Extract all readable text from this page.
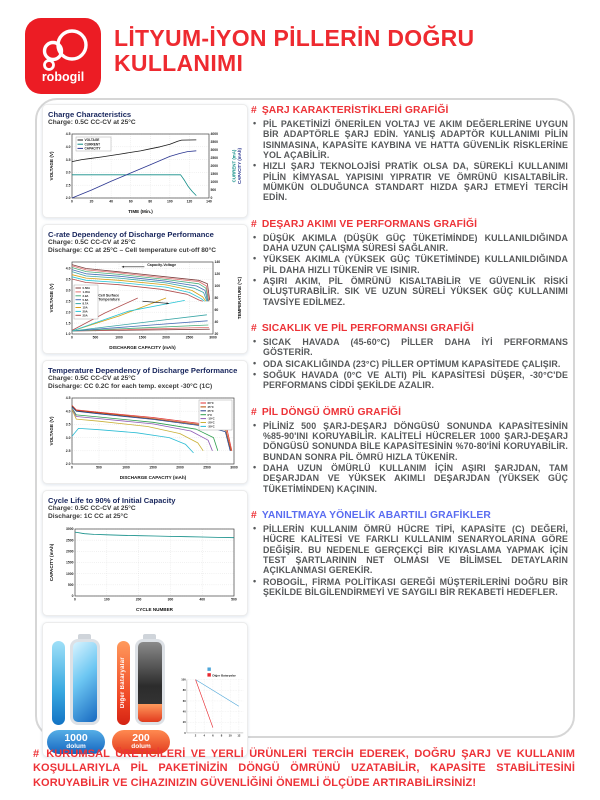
robogil
LİTYUM-İYON PİLLERİN DOĞRU
KULLANIMI
Charge Characteristics
Charge: 0.5C CC-CV at 25°C
0	20	40	60	80	100	120	140
2.0
2.5
3.0
3.5
4.0
4.5
0
500
1000
1500
2000
2500
3000
3500
4000
TIME (Min.)
VOLTAGE (V)	CAPACITY (mAh)
CURRENT (mA)
VOLTAGE
CURRENT
CAPACITY
C-rate Dependency of Discharge Performance
Charge: 0.5C CC-CV at 25°C
Discharge: CC at 25°C – Cell temperature cut-off 80°C
0	500	1000	1500	2000	2500	3000
1.0
1.5
2.0
2.5
3.0
3.5
4.0
20
40
60
80
100
120
140
DISCHARGE CAPACITY (mAh)
VOLTAGE (V)	TEMPERATURE (°C)
0.58A
1.45A
2.9A
5.8A
8.7A
15A
20A
25A
Capacity-Voltage
Cell Surface
Temperature
Temperature Dependency of Discharge Performance
Charge: 0.5C CC-CV at 25°C
Discharge: CC 0.2C for each temp. except -30°C (1C)
0	500	1000	1500	2000	2500	3000
2.0
2.5
3.0
3.5
4.0
4.5
DISCHARGE CAPACITY (mAh)
VOLTAGE (V)
60°C
45°C
25°C
0°C
-10°C
-20°C
-30°C
Cycle Life to 90% of Initial Capacity
Charge: 0.5C CC-CV at 25°C
Discharge: 1C CC at 25°C
0	100	200	300	400	500
0
500
1000
1500
2000
2500
3000
CYCLE NUMBER
CAPACITY (mAh)
1000
dolum
Diğer Bataryalar
200
dolum
2 4 6 8 10 12
0
20
40
60
80
100
Diğer Bataryalar
# ŞARJ KARAKTERİSTİKLERİ GRAFİĞİ
• PİL PAKETİNİZİ ÖNERİLEN VOLTAJ VE AKIM DEĞERLERİNE UYGUN BİR ADAPTÖRLE ŞARJ EDİN. YANLIŞ ADAPTÖR KULLANIMI PİLİN ISINMASINA, KAPASİTE KAYBINA VE HATTA GÜVENLİK RİSKLERİNE YOL AÇABİLİR.
• HIZLI ŞARJ TEKNOLOJİSİ PRATİK OLSA DA, SÜREKLİ KULLANIMI PİLİN KİMYASAL YAPISINI YIPRATIR VE ÖMRÜNÜ KISALTABİLİR. MÜMKÜN OLDUĞUNCA STANDART HIZDA ŞARJ ETMEYİ TERCİH EDİN.
# DEŞARJ AKIMI VE PERFORMANS GRAFİĞİ
• DÜŞÜK AKIMLA (DÜŞÜK GÜÇ TÜKETİMİNDE) KULLANILDIĞINDA DAHA UZUN ÇALIŞMA SÜRESİ SAĞLANIR.
• YÜKSEK AKIMLA (YÜKSEK GÜÇ TÜKETİMİNDE) KULLANILDIĞINDA PİL DAHA HIZLI TÜKENİR VE ISINIR.
• AŞIRI AKIM, PİL ÖMRÜNÜ KISALTABİLİR VE GÜVENLİK RİSKİ OLUŞTURABİLİR. SIK VE UZUN SÜRELİ YÜKSEK GÜÇ KULLANIMI TAVSİYE EDİLMEZ.
# SICAKLIK VE PİL PERFORMANSI GRAFİĞİ
• SICAK HAVADA (45-60°C) PİLLER DAHA İYİ PERFORMANS GÖSTERİR.
• ODA SICAKLIĞINDA (23°C) PİLLER OPTİMUM KAPASİTEDE ÇALIŞIR.
• SOĞUK HAVADA (0°C VE ALTI) PİL KAPASİTESİ DÜŞER, -30°C'DE PERFORMANS CİDDİ ŞEKİLDE AZALIR.
# PİL DÖNGÜ ÖMRÜ GRAFİĞİ
• PİLİNİZ 500 ŞARJ-DEŞARJ DÖNGÜSÜ SONUNDA KAPASİTESİNİN %85-90'INI KORUYABİLİR. KALİTELİ HÜCRELER 1000 ŞARJ-DEŞARJ DÖNGÜSÜ SONUNDA BİLE KAPASİTESİNİN %70-80'İNİ KORUYABİLİR. BUNDAN SONRA PİL ÖMRÜ HIZLA TÜKENİR.
• DAHA UZUN ÖMÜRLÜ KULLANIM İÇİN AŞIRI ŞARJDAN, TAM DEŞARJDAN VE YÜKSEK AKIMLI DEŞARJDAN (YÜKSEK GÜÇ TÜKETİMİNDEN) KAÇININ.
# YANILTMAYA YÖNELİK ABARTILI GRAFİKLER
• PİLLERİN KULLANIM ÖMRÜ HÜCRE TİPİ, KAPASİTE (C) DEĞERİ, HÜCRE KALİTESİ VE FARKLI KULLANIM SENARYOLARINA GÖRE DEĞİŞİR. BU NEDENLE GERÇEKÇİ BİR KIYASLAMA YAPMAK İÇİN TEST ŞARTLARININ NET OLMASI VE BİLİMSEL DETAYLARIN AÇIKLANMASI GEREKİR.
• ROBOGİL, FİRMA POLİTİKASI GEREĞİ MÜŞTERİLERİNİ DOĞRU BİR ŞEKİLDE BİLGİLENDİRMEYİ VE SAYGILI BİR REKABETİ HEDEFLER.
# KURUMSAL ÜRETİCİLERİ VE YERLİ ÜRÜNLERİ TERCİH EDEREK, DOĞRU ŞARJ VE KULLANIM KOŞULLARIYLA PİL PAKETİNİZİN DÖNGÜ ÖMRÜNÜ UZATABİLİR, KAPASİTE STABİLİTESİNİ KORUYABİLİR VE CİHAZINIZIN GÜVENLİĞİNİ ÖNEMLİ ÖLÇÜDE ARTIRABİLİRSİNİZ!
